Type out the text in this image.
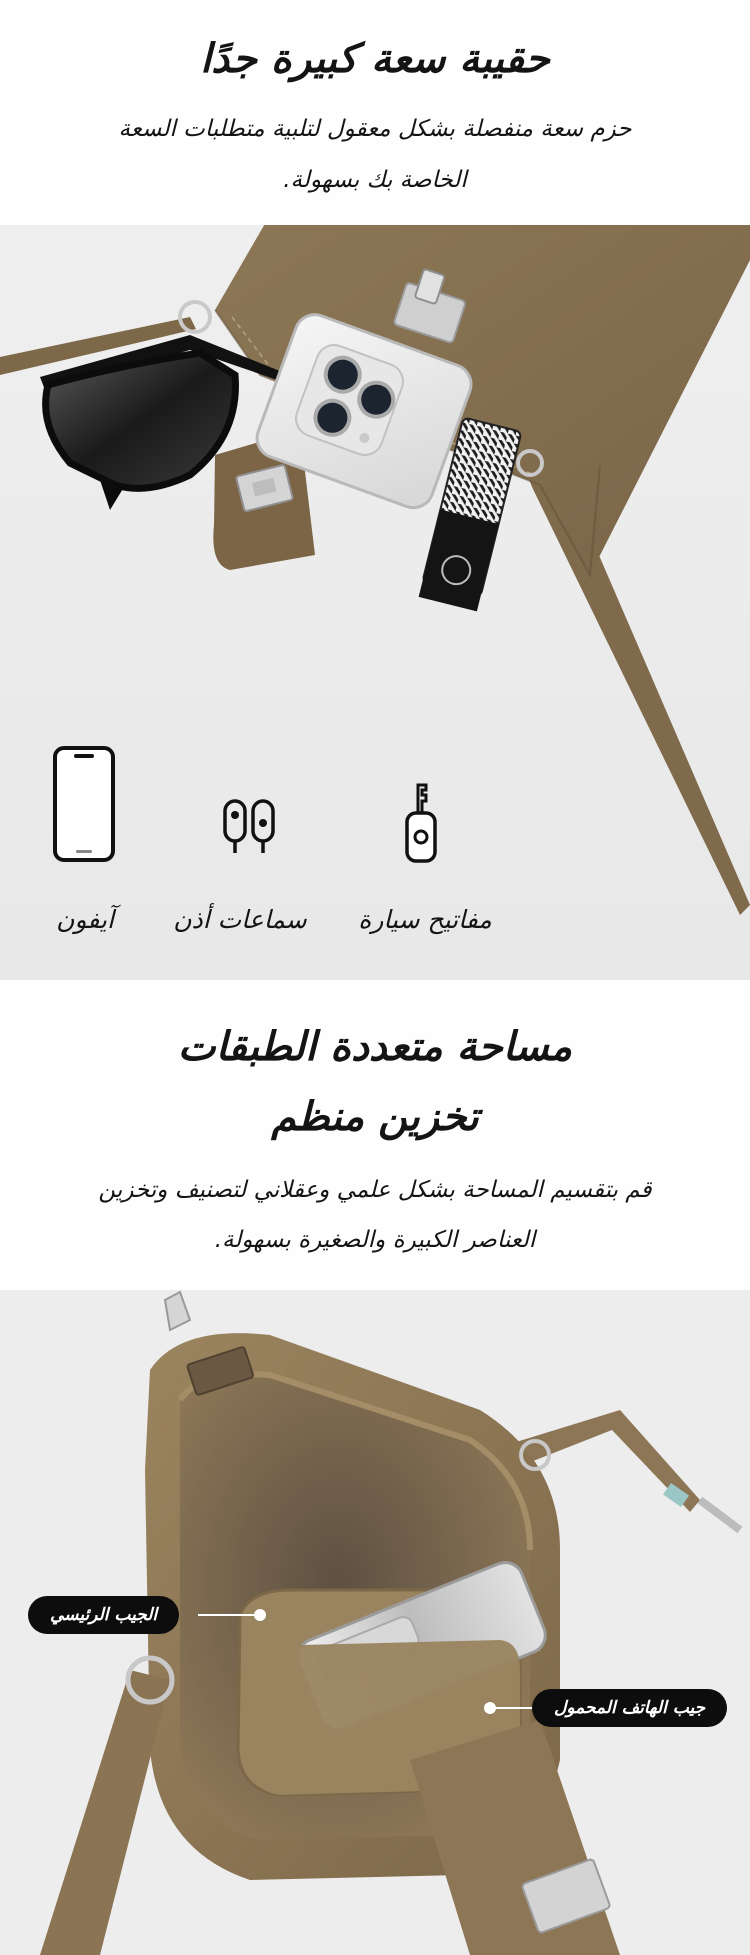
حقيبة سعة كبيرة جدًا
حزم سعة منفصلة بشكل معقول لتلبية متطلبات السعة
الخاصة بك بسهولة.
آيفون سماعات أذن مفاتيح سيارة
مساحة متعددة الطبقات
تخزين منظم
قم بتقسيم المساحة بشكل علمي وعقلاني لتصنيف وتخزين
العناصر الكبيرة والصغيرة بسهولة.
الجيب الرئيسي
جيب الهاتف المحمول
